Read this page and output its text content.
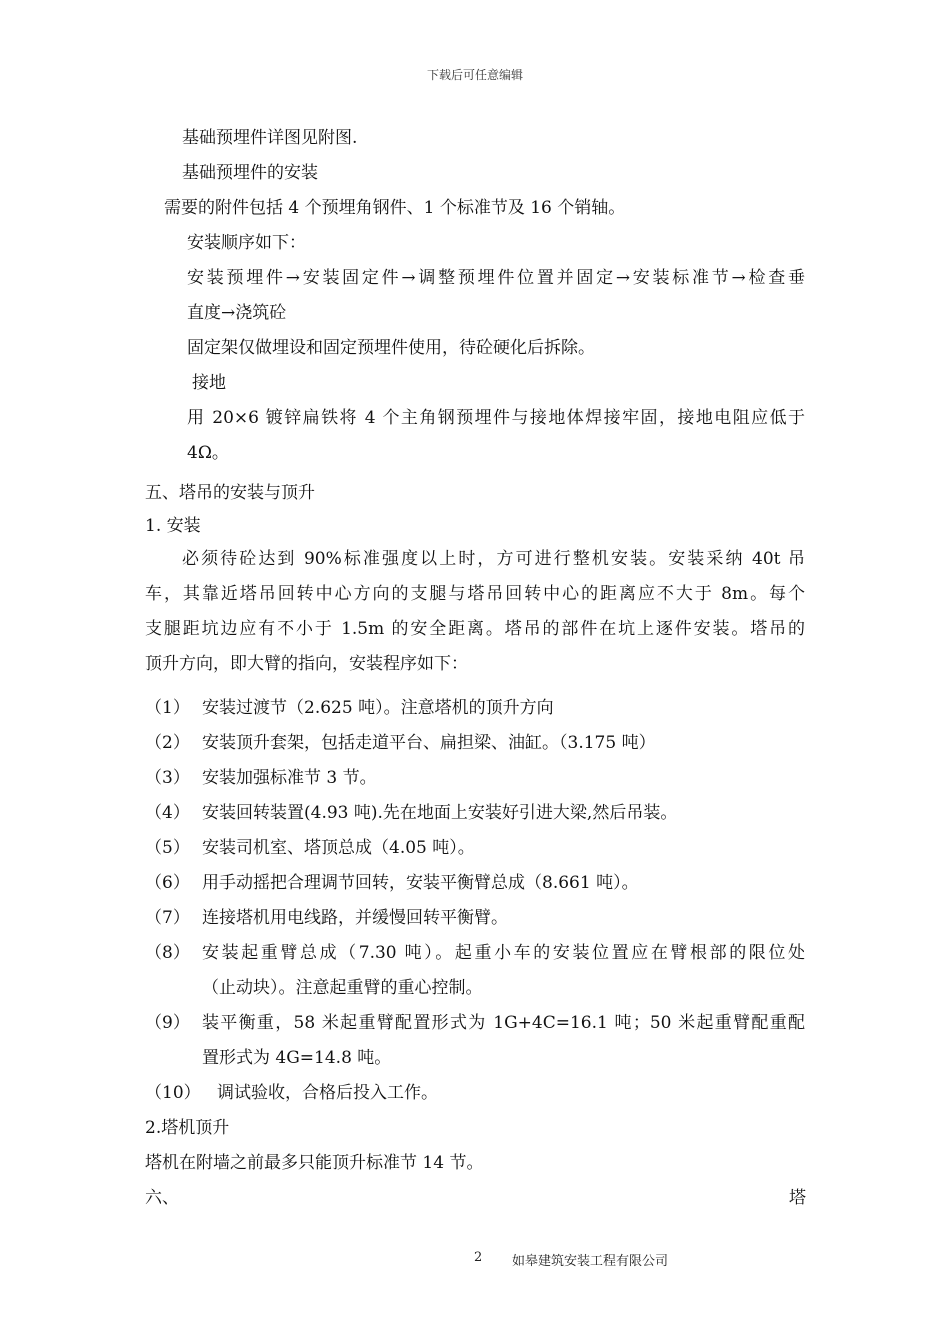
下载后可任意编辑
基础预埋件详图见附图.
基础预埋件的安装
需要的附件包括 4 个预埋角钢件、1 个标准节及 16 个销轴。
安装顺序如下：
安装预埋件→安装固定件→调整预埋件位置并固定→安装标准节→检查垂
直度→浇筑砼
固定架仅做埋设和固定预埋件使用，待砼硬化后拆除。
接地
用 20×6 镀锌扁铁将 4 个主角钢预埋件与接地体焊接牢固，接地电阻应低于
4Ω。
五、塔吊的安装与顶升
1. 安装
必须待砼达到 90%标准强度以上时，方可进行整机安装。安装采纳 40t 吊
车，其靠近塔吊回转中心方向的支腿与塔吊回转中心的距离应不大于 8m。每个
支腿距坑边应有不小于 1.5m 的安全距离。塔吊的部件在坑上逐件安装。塔吊的
顶升方向，即大臂的指向，安装程序如下：
（1） 安装过渡节（2.625 吨）。注意塔机的顶升方向
（2） 安装顶升套架，包括走道平台、扁担梁、油缸。（3.175 吨）
（3） 安装加强标准节 3 节。
（4） 安装回转装置(4.93 吨).先在地面上安装好引进大梁,然后吊装。
（5） 安装司机室、塔顶总成（4.05 吨）。
（6） 用手动摇把合理调节回转，安装平衡臂总成（8.661 吨）。
（7） 连接塔机用电线路，并缓慢回转平衡臂。
（8） 安装起重臂总成（7.30 吨）。起重小车的安装位置应在臂根部的限位处
（止动块）。注意起重臂的重心控制。
（9） 装平衡重，58 米起重臂配置形式为 1G+4C=16.1 吨；50 米起重臂配重配
置形式为 4G=14.8 吨。
（10） 调试验收，合格后投入工作。
2.塔机顶升
塔机在附墙之前最多只能顶升标准节 14 节。
六、	塔
2 如皋建筑安装工程有限公司
